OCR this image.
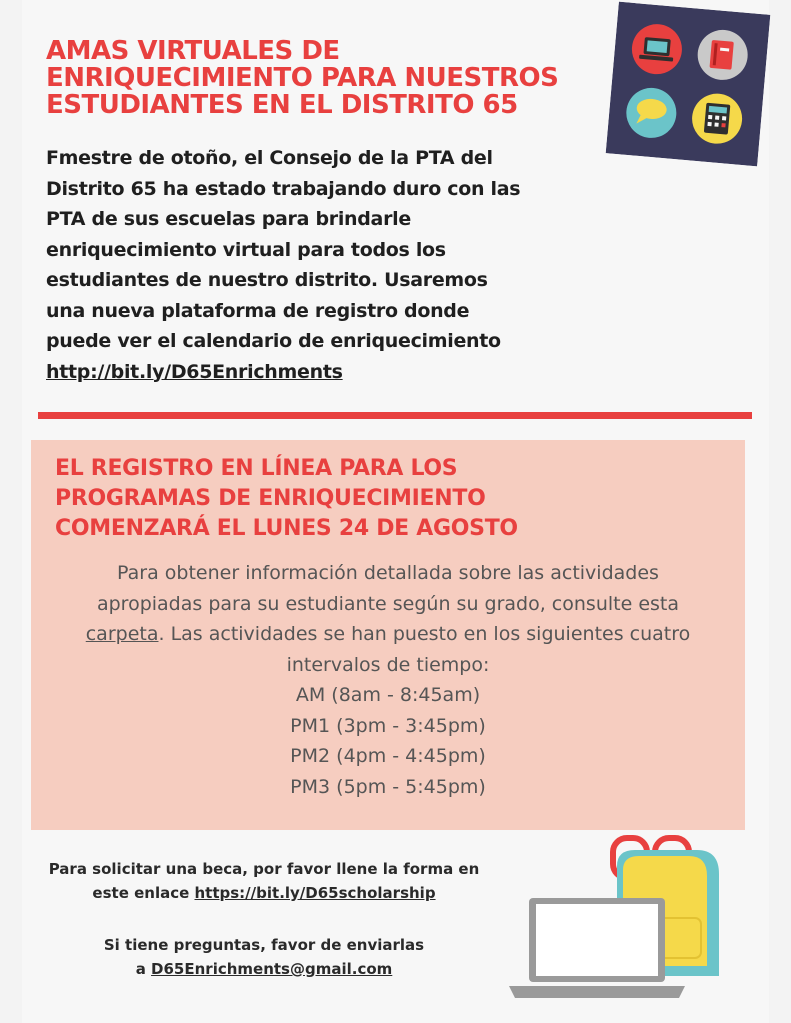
AMAS VIRTUALES DE
ENRIQUECIMIENTO PARA NUESTROS
ESTUDIANTES EN EL DISTRITO 65

Fmestre de otoño, el Consejo de la PTA del
Distrito 65 ha estado trabajando duro con las
PTA de sus escuelas para brindarle
enriquecimiento virtual para todos los
estudiantes de nuestro distrito. Usaremos
una nueva plataforma de registro donde
puede ver el calendario de enriquecimiento
http://bit.ly/D65Enrichments

EL REGISTRO EN LÍNEA PARA LOS
PROGRAMAS DE ENRIQUECIMIENTO
COMENZARÁ EL LUNES 24 DE AGOSTO
Para obtener información detallada sobre las actividades
apropiadas para su estudiante según su grado, consulte esta
carpeta. Las actividades se han puesto en los siguientes cuatro
intervalos de tiempo:
AM (8am - 8:45am)
PM1 (3pm - 3:45pm)
PM2 (4pm - 4:45pm)
PM3 (5pm - 5:45pm)

Para solicitar una beca, por favor llene la forma en
este enlace https://bit.ly/D65scholarship

Si tiene preguntas, favor de enviarlas
a D65Enrichments@gmail.com
